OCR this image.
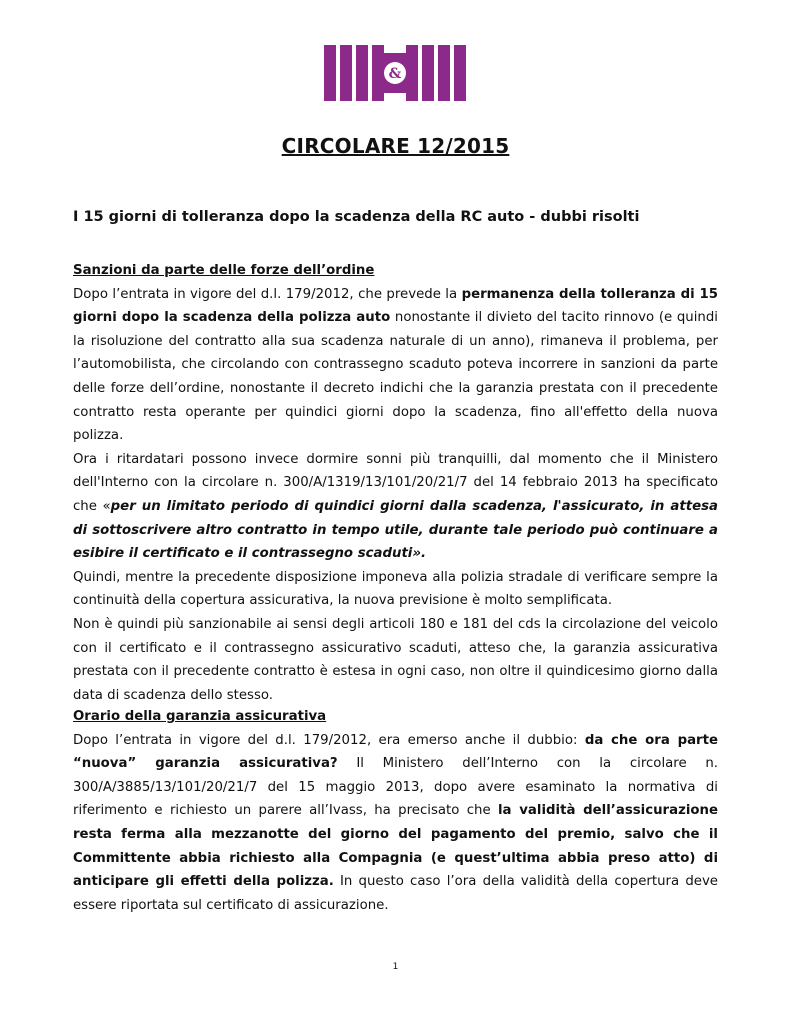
&
CIRCOLARE 12/2015
I 15 giorni di tolleranza dopo la scadenza della RC auto - dubbi risolti

Sanzioni da parte delle forze dell’ordine

Dopo l’entrata in vigore del d.l. 179/2012, che prevede la permanenza della tolleranza di 15 giorni dopo la scadenza della polizza auto nonostante il divieto del tacito rinnovo (e quindi la risoluzione del contratto alla sua scadenza naturale di un anno), rimaneva il problema, per l’automobilista, che circolando con contrassegno scaduto poteva incorrere in sanzioni da parte delle forze dell’ordine, nonostante il decreto indichi che la garanzia prestata con il precedente contratto resta operante per quindici giorni dopo la scadenza, fino all'effetto della nuova polizza.

Ora i ritardatari possono invece dormire sonni più tranquilli, dal momento che il Ministero dell'Interno con la circolare n. 300/A/1319/13/101/20/21/7 del 14 febbraio 2013 ha specificato che «per un limitato periodo di quindici giorni dalla scadenza, l'assicurato, in attesa di sottoscrivere altro contratto in tempo utile, durante tale periodo può continuare a esibire il certificato e il contrassegno scaduti».

Quindi, mentre la precedente disposizione imponeva alla polizia stradale di verificare sempre la continuità della copertura assicurativa, la nuova previsione è molto semplificata.

Non è quindi più sanzionabile ai sensi degli articoli 180 e 181 del cds la circolazione del veicolo con il certificato e il contrassegno assicurativo scaduti, atteso che, la garanzia assicurativa prestata con il precedente contratto è estesa in ogni caso, non oltre il quindicesimo giorno dalla data di scadenza dello stesso.

Orario della garanzia assicurativa

Dopo l’entrata in vigore del d.l. 179/2012, era emerso anche il dubbio: da che ora parte “nuova” garanzia assicurativa? Il Ministero dell’Interno con la circolare n. 300/A/3885/13/101/20/21/7 del 15 maggio 2013, dopo avere esaminato la normativa di riferimento e richiesto un parere all’Ivass, ha precisato che la validità dell’assicurazione resta ferma alla mezzanotte del giorno del pagamento del premio, salvo che il Committente abbia richiesto alla Compagnia (e quest’ultima abbia preso atto) di anticipare gli effetti della polizza. In questo caso l’ora della validità della copertura deve essere riportata sul certificato di assicurazione.

1
